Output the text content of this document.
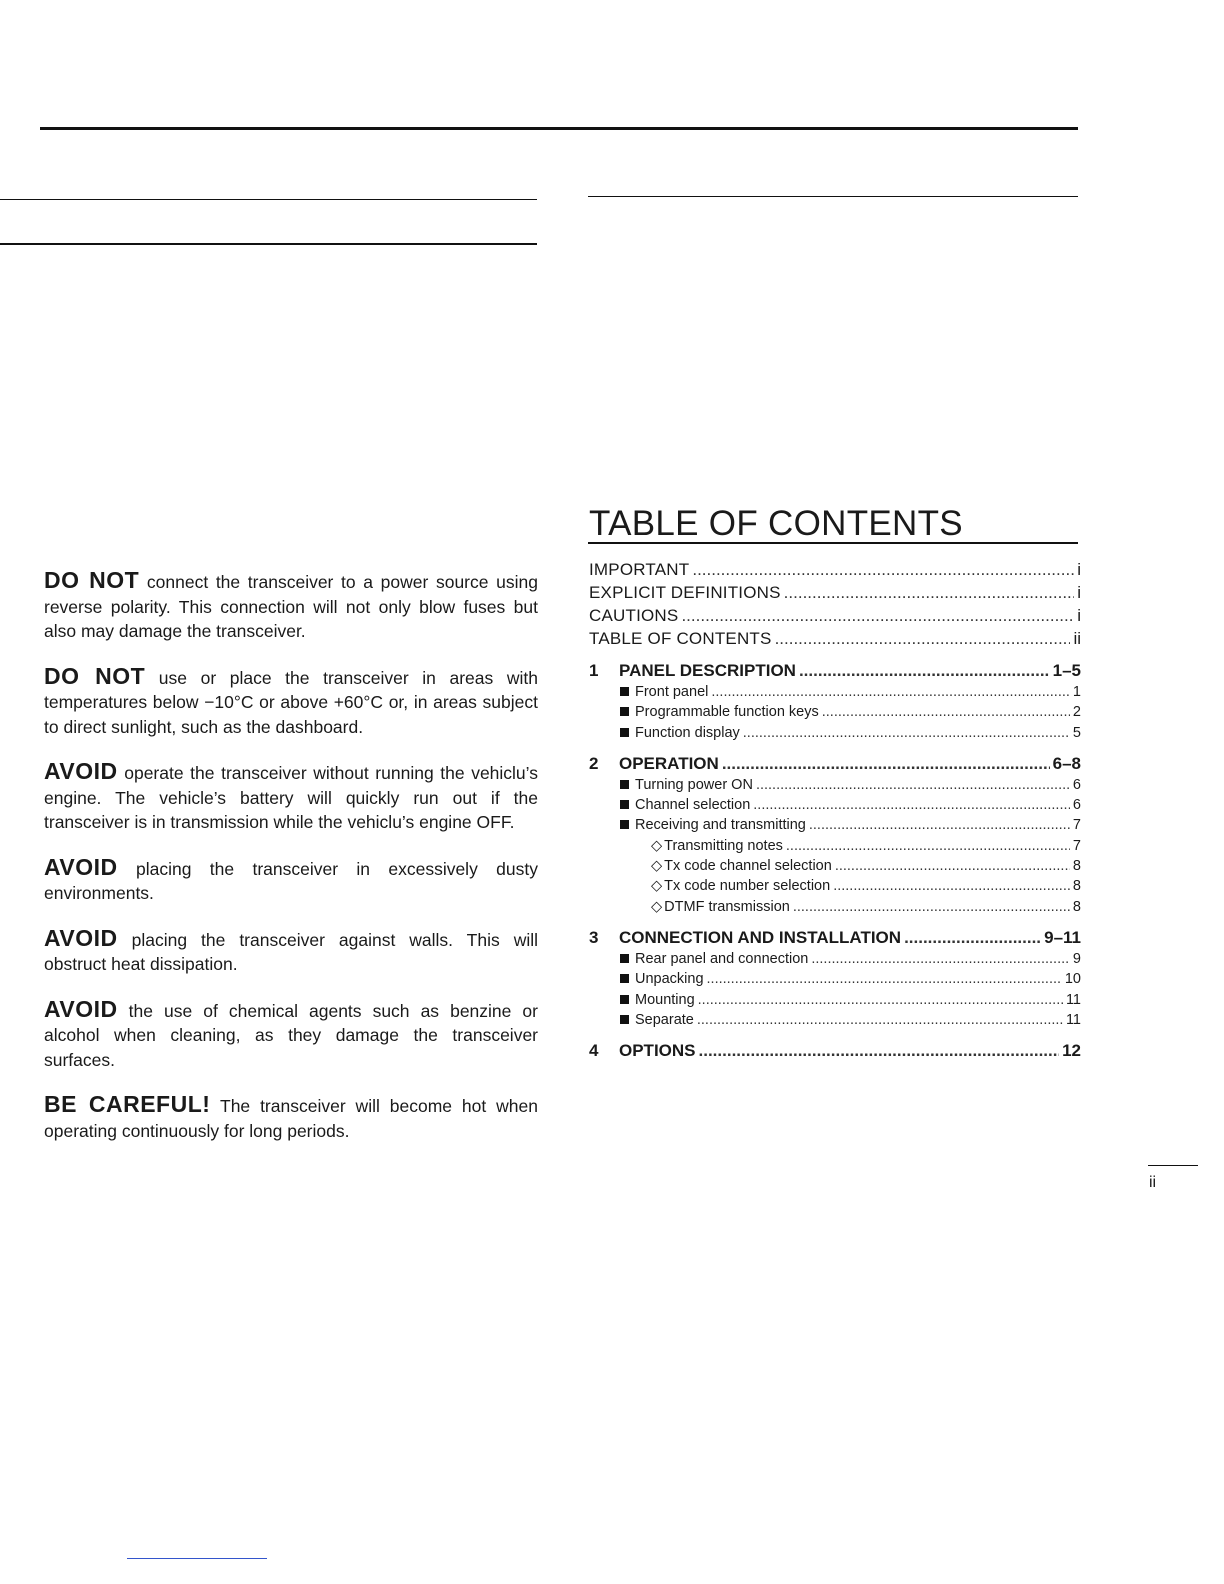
DO NOT connect the transceiver to a power source using reverse polarity. This connection will not only blow fuses but also may damage the transceiver.

DO NOT use or place the transceiver in areas with temperatures below −10°C or above +60°C or, in areas subject to direct sunlight, such as the dashboard.

AVOID operate the transceiver without running the vehiclu’s engine. The vehicle’s battery will quickly run out if the transceiver is in transmission while the vehiclu’s engine OFF.

AVOID placing the transceiver in excessively dusty environments.

AVOID placing the transceiver against walls. This will obstruct heat dissipation.

AVOID the use of chemical agents such as benzine or alcohol when cleaning, as they damage the transceiver surfaces.

BE CAREFUL! The transceiver will become hot when operating continuously for long periods.

TABLE OF CONTENTS
IMPORTANT .....	i
EXPLICIT DEFINITIONS .....	i
CAUTIONS .....	i
TABLE OF CONTENTS .....	ii
1	PANEL DESCRIPTION .....	1–5
Front panel .....	1
Programmable function keys .....	2
Function display .....	5
2	OPERATION .....	6–8
Turning power ON .....	6
Channel selection .....	6
Receiving and transmitting .....	7
◇ Transmitting notes .....	7
◇ Tx code channel selection .....	8
◇ Tx code number selection .....	8
◇ DTMF transmission .....	8
3	CONNECTION AND INSTALLATION .....	9–11
Rear panel and connection .....	9
Unpacking .....	10
Mounting .....	11
Separate .....	11
4	OPTIONS .....	12
ii
